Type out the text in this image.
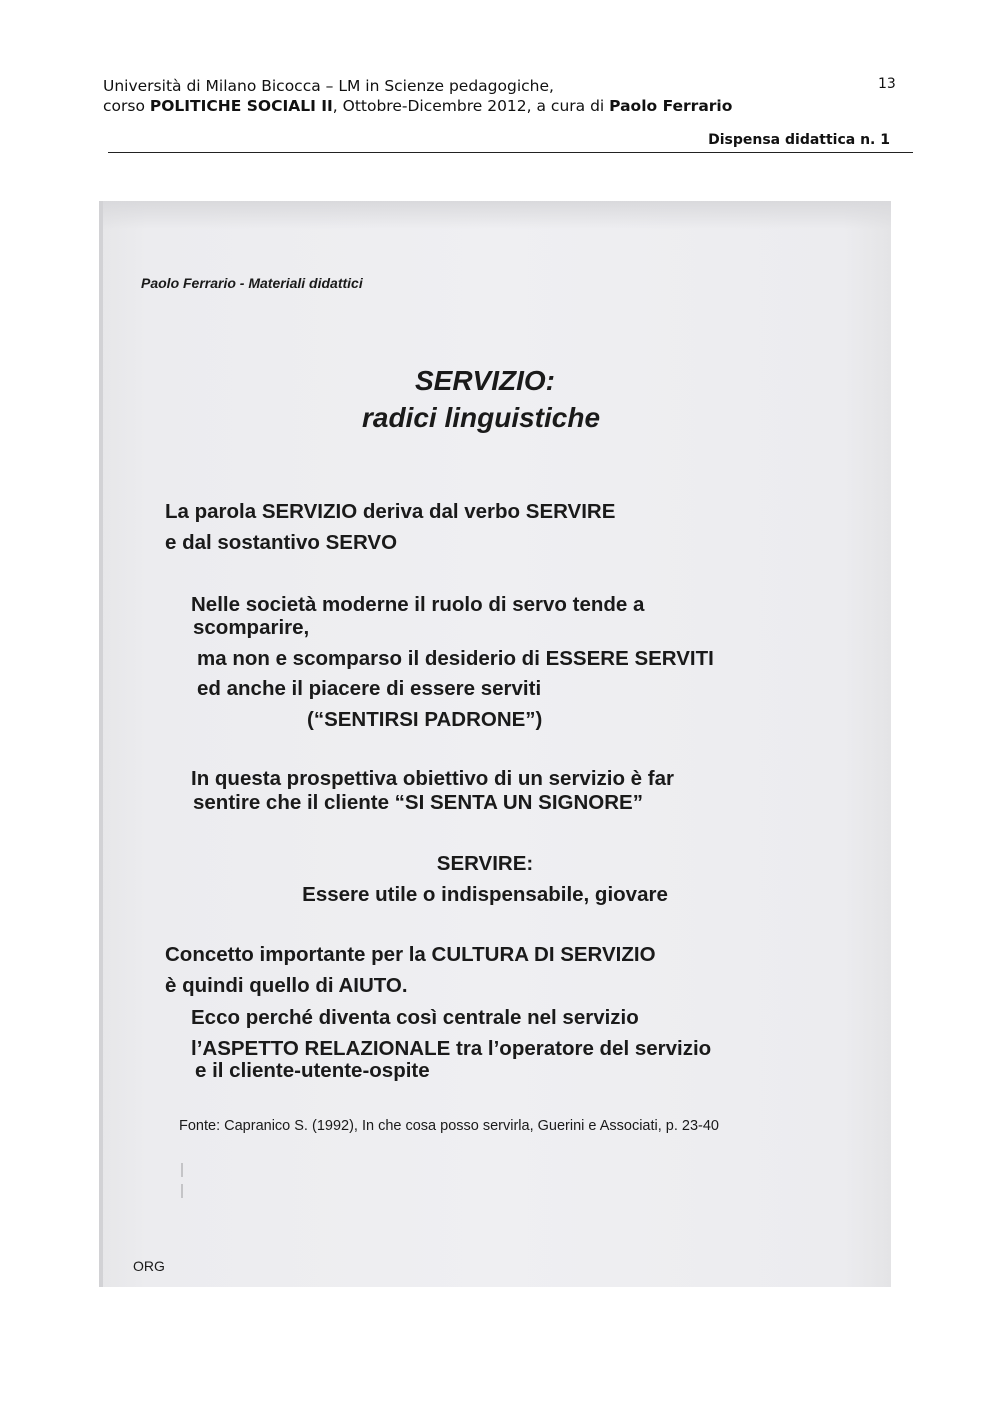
Università di Milano Bicocca – LM in Scienze pedagogiche,
corso POLITICHE SOCIALI II, Ottobre-Dicembre 2012, a cura di Paolo Ferrario
13
Dispensa didattica n. 1
Paolo Ferrario - Materiali didattici
SERVIZIO:
radici linguistiche
La parola SERVIZIO deriva dal verbo SERVIRE
e dal sostantivo SERVO
Nelle società moderne il ruolo di servo tende a
scomparire,
ma non e scomparso il desiderio di ESSERE SERVITI
ed anche il piacere di essere serviti
(“SENTIRSI PADRONE”)
In questa prospettiva obiettivo di un servizio è far
sentire che il cliente “SI SENTA UN SIGNORE”
SERVIRE:
Essere utile o indispensabile, giovare
Concetto importante per la CULTURA DI SERVIZIO
è quindi quello di AIUTO.
Ecco perché diventa così centrale nel servizio
l’ASPETTO RELAZIONALE tra l’operatore del servizio
e il cliente-utente-ospite
Fonte: Capranico S. (1992), In che cosa posso servirla, Guerini e Associati, p. 23-40
ORG
